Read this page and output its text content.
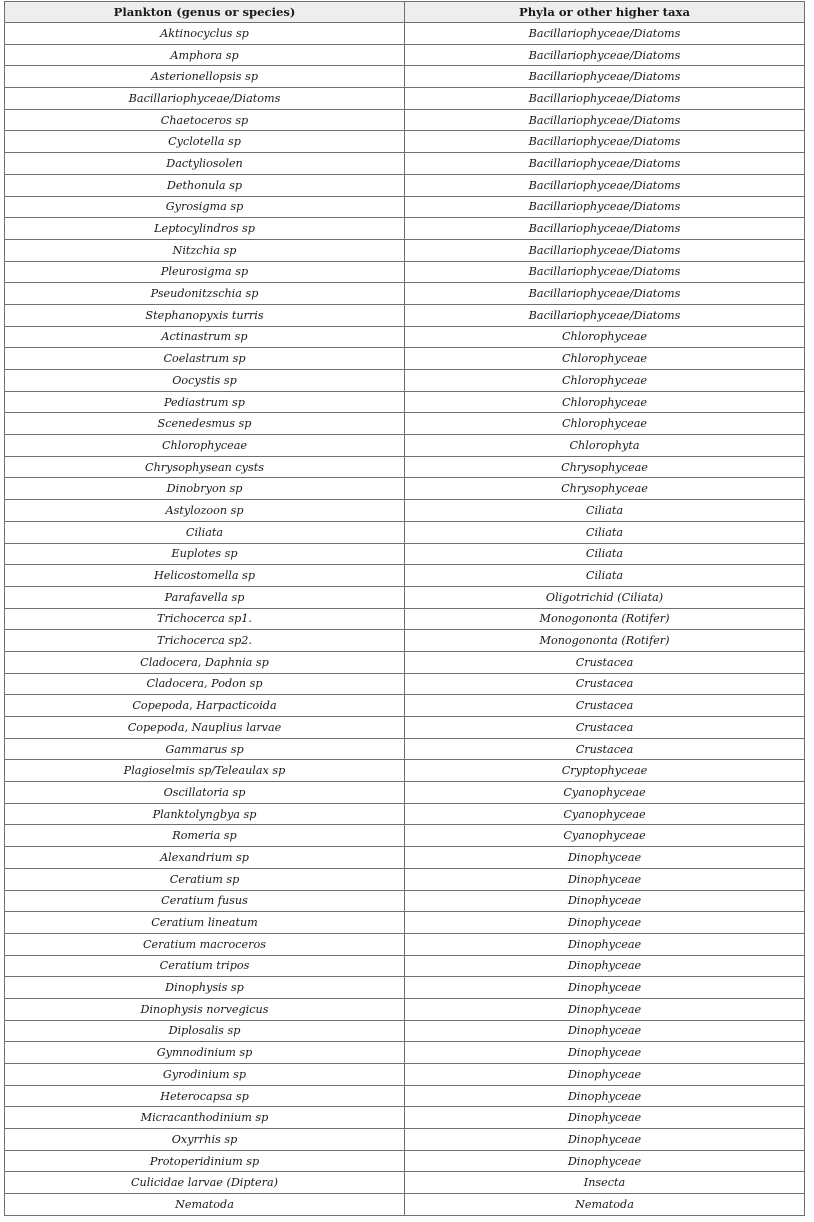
Plankton (genus or species)	Phyla or other higher taxa
Aktinocyclus sp	Bacillariophyceae/Diatoms
Amphora sp	Bacillariophyceae/Diatoms
Asterionellopsis sp	Bacillariophyceae/Diatoms
Bacillariophyceae/Diatoms	Bacillariophyceae/Diatoms
Chaetoceros sp	Bacillariophyceae/Diatoms
Cyclotella sp	Bacillariophyceae/Diatoms
Dactyliosolen	Bacillariophyceae/Diatoms
Dethonula sp	Bacillariophyceae/Diatoms
Gyrosigma sp	Bacillariophyceae/Diatoms
Leptocylindros sp	Bacillariophyceae/Diatoms
Nitzchia sp	Bacillariophyceae/Diatoms
Pleurosigma sp	Bacillariophyceae/Diatoms
Pseudonitzschia sp	Bacillariophyceae/Diatoms
Stephanopyxis turris	Bacillariophyceae/Diatoms
Actinastrum sp	Chlorophyceae
Coelastrum sp	Chlorophyceae
Oocystis sp	Chlorophyceae
Pediastrum sp	Chlorophyceae
Scenedesmus sp	Chlorophyceae
Chlorophyceae	Chlorophyta
Chrysophysean cysts	Chrysophyceae
Dinobryon sp	Chrysophyceae
Astylozoon sp	Ciliata
Ciliata	Ciliata
Euplotes sp	Ciliata
Helicostomella sp	Ciliata
Parafavella sp	Oligotrichid (Ciliata)
Trichocerca sp1.	Monogononta (Rotifer)
Trichocerca sp2.	Monogononta (Rotifer)
Cladocera, Daphnia sp	Crustacea
Cladocera, Podon sp	Crustacea
Copepoda, Harpacticoida	Crustacea
Copepoda, Nauplius larvae	Crustacea
Gammarus sp	Crustacea
Plagioselmis sp/Teleaulax sp	Cryptophyceae
Oscillatoria sp	Cyanophyceae
Planktolyngbya sp	Cyanophyceae
Romeria sp	Cyanophyceae
Alexandrium sp	Dinophyceae
Ceratium sp	Dinophyceae
Ceratium fusus	Dinophyceae
Ceratium lineatum	Dinophyceae
Ceratium macroceros	Dinophyceae
Ceratium tripos	Dinophyceae
Dinophysis sp	Dinophyceae
Dinophysis norvegicus	Dinophyceae
Diplosalis sp	Dinophyceae
Gymnodinium sp	Dinophyceae
Gyrodinium sp	Dinophyceae
Heterocapsa sp	Dinophyceae
Micracanthodinium sp	Dinophyceae
Oxyrrhis sp	Dinophyceae
Protoperidinium sp	Dinophyceae
Culicidae larvae (Diptera)	Insecta
Nematoda	Nematoda
